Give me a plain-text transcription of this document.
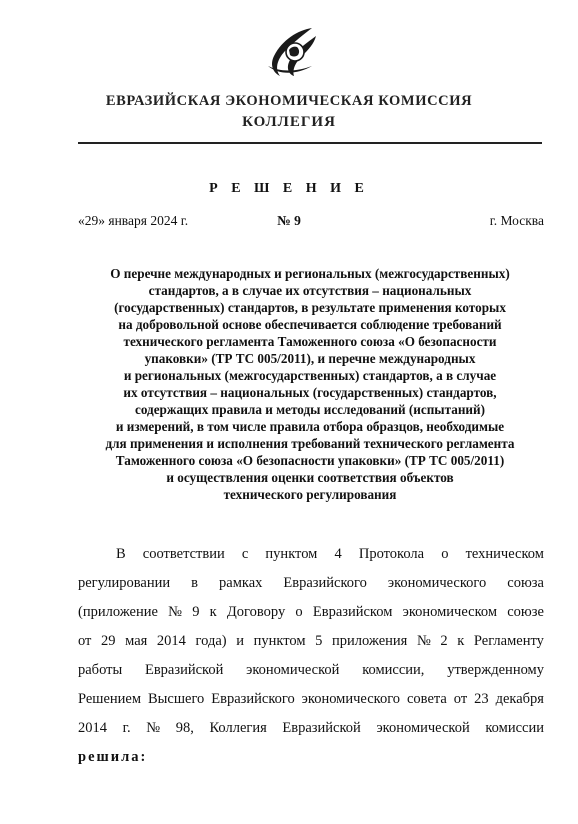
ЕВРАЗИЙСКАЯ ЭКОНОМИЧЕСКАЯ КОМИССИЯ
КОЛЛЕГИЯ
Р Е Ш Е Н И Е
«29» января 2024 г.	№ 9	г. Москва
О перечне международных и региональных (межгосударственных)
стандартов, а в случае их отсутствия – национальных
(государственных) стандартов, в результате применения которых
на добровольной основе обеспечивается соблюдение требований
технического регламента Таможенного союза «О безопасности
упаковки» (ТР ТС 005/2011), и перечне международных
и региональных (межгосударственных) стандартов, а в случае
их отсутствия – национальных (государственных) стандартов,
содержащих правила и методы исследований (испытаний)
и измерений, в том числе правила отбора образцов, необходимые
для применения и исполнения требований технического регламента
Таможенного союза «О безопасности упаковки» (ТР ТС 005/2011)
и осуществления оценки соответствия объектов
технического регулирования
В соответствии с пунктом 4 Протокола о техническом
регулировании в рамках Евразийского экономического союза
(приложение № 9 к Договору о Евразийском экономическом союзе
от 29 мая 2014 года) и пунктом 5 приложения № 2 к Регламенту
работы Евразийской экономической комиссии, утвержденному
Решением Высшего Евразийского экономического совета от 23 декабря
2014 г. № 98, Коллегия Евразийской экономической комиссии
решила:
